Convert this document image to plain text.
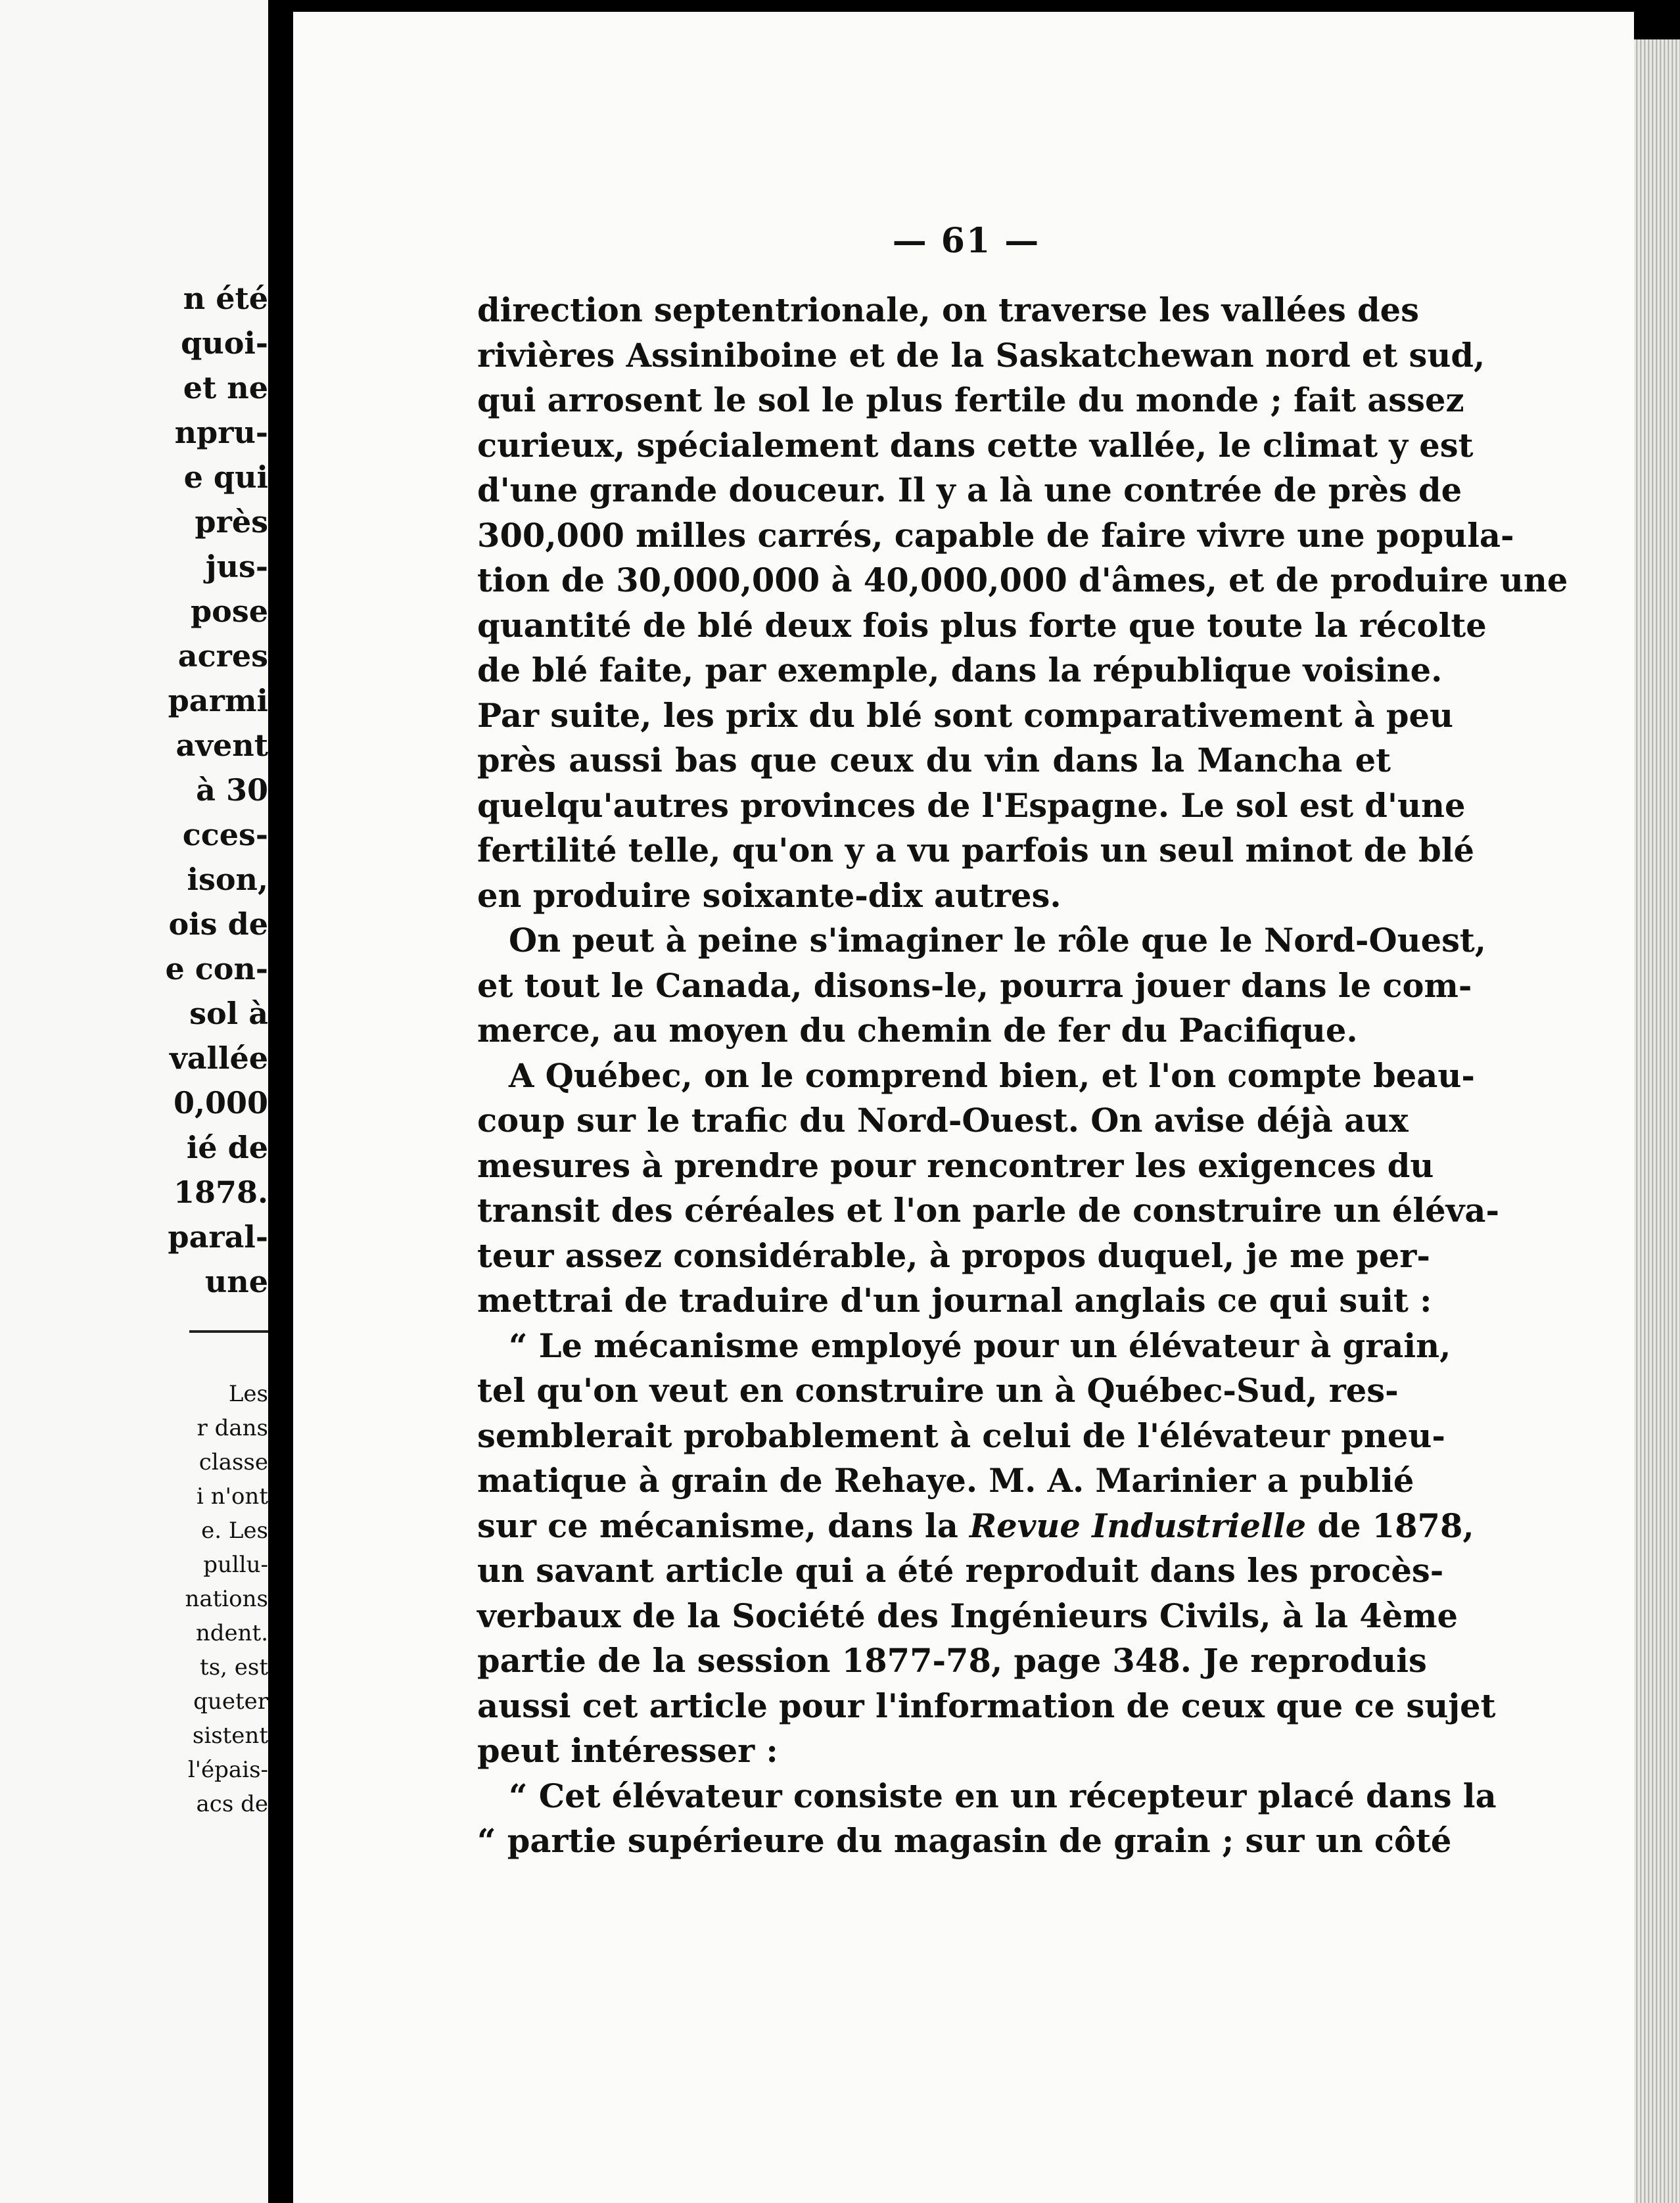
n été
quoi-
et ne
npru-
e qui
près
jus-
pose
acres
parmi
avent
à 30
cces-
ison,
ois de
e con-
sol à
vallée
0,000
ié de
1878.
paral-
une
Les
r dans
classe
i n'ont
e. Les
pullu-
nations
ndent.
ts, est
queter
sistent
l'épais-
acs de
— 61 —
direction septentrionale, on traverse les vallées des
rivières Assiniboine et de la Saskatchewan nord et sud,
qui arrosent le sol le plus fertile du monde ; fait assez
curieux, spécialement dans cette vallée, le climat y est
d'une grande douceur. Il y a là une contrée de près de
300,000 milles carrés, capable de faire vivre une popula-
tion de 30,000,000 à 40,000,000 d'âmes, et de produire une
quantité de blé deux fois plus forte que toute la récolte
de blé faite, par exemple, dans la république voisine.
Par suite, les prix du blé sont comparativement à peu
près aussi bas que ceux du vin dans la Mancha et
quelqu'autres provinces de l'Espagne. Le sol est d'une
fertilité telle, qu'on y a vu parfois un seul minot de blé
en produire soixante-dix autres.
On peut à peine s'imaginer le rôle que le Nord-Ouest,
et tout le Canada, disons-le, pourra jouer dans le com-
merce, au moyen du chemin de fer du Pacifique.
A Québec, on le comprend bien, et l'on compte beau-
coup sur le trafic du Nord-Ouest. On avise déjà aux
mesures à prendre pour rencontrer les exigences du
transit des céréales et l'on parle de construire un éléva-
teur assez considérable, à propos duquel, je me per-
mettrai de traduire d'un journal anglais ce qui suit :
“ Le mécanisme employé pour un élévateur à grain,
tel qu'on veut en construire un à Québec-Sud, res-
semblerait probablement à celui de l'élévateur pneu-
matique à grain de Rehaye. M. A. Marinier a publié
sur ce mécanisme, dans la Revue Industrielle de 1878,
un savant article qui a été reproduit dans les procès-
verbaux de la Société des Ingénieurs Civils, à la 4ème
partie de la session 1877-78, page 348. Je reproduis
aussi cet article pour l'information de ceux que ce sujet
peut intéresser :
“ Cet élévateur consiste en un récepteur placé dans la
“ partie supérieure du magasin de grain ; sur un côté
